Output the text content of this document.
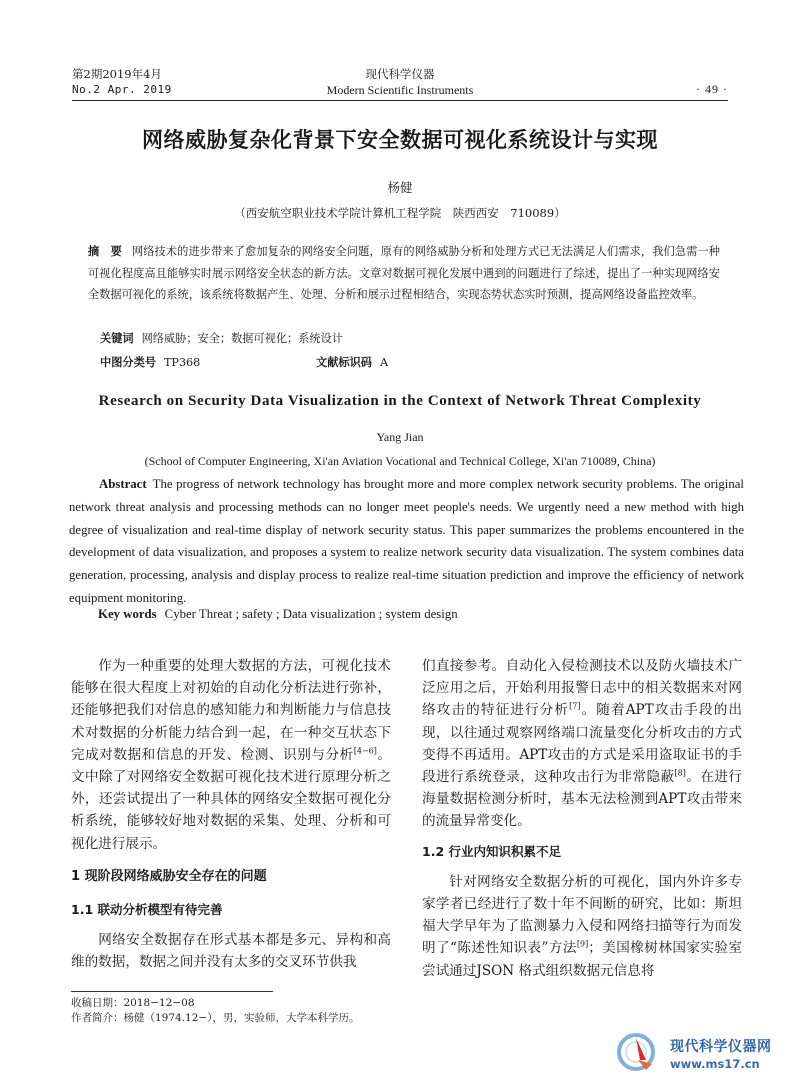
第2期2019年4月
No.2 Apr. 2019
现代科学仪器
Modern Scientific Instruments	· 49 ·
网络威胁复杂化背景下安全数据可视化系统设计与实现
杨健
（西安航空职业技术学院计算机工程学院　陕西西安　710089）
摘　要 网络技术的进步带来了愈加复杂的网络安全问题，原有的网络威胁分析和处理方式已无法满足人们需求，我们急需一种可视化程度高且能够实时展示网络安全状态的新方法。文章对数据可视化发展中遇到的问题进行了综述，提出了一种实现网络安全数据可视化的系统，该系统将数据产生、处理、分析和展示过程相结合，实现态势状态实时预测，提高网络设备监控效率。
关键词 网络威胁；安全；数据可视化；系统设计
中图分类号 TP368	文献标识码 A
Research on Security Data Visualization in the Context of Network Threat Complexity
Yang Jian
(School of Computer Engineering, Xi'an Aviation Vocational and Technical College, Xi'an 710089, China)
Abstract The progress of network technology has brought more and more complex network security problems. The original network threat analysis and processing methods can no longer meet people's needs. We urgently need a new method with high degree of visualization and real-time display of network security status. This paper summarizes the problems encountered in the development of data visualization, and proposes a system to realize network security data visualization. The system combines data generation, processing, analysis and display process to realize real-time situation prediction and improve the efficiency of network equipment monitoring.
Key words Cyber Threat ; safety ; Data visualization ; system design

作为一种重要的处理大数据的方法，可视化技术能够在很大程度上对初始的自动化分析法进行弥补，还能够把我们对信息的感知能力和判断能力与信息技术对数据的分析能力结合到一起，在一种交互状态下完成对数据和信息的开发、检测、识别与分析[4−6]。文中除了对网络安全数据可视化技术进行原理分析之外，还尝试提出了一种具体的网络安全数据可视化分析系统，能够较好地对数据的采集、处理、分析和可视化进行展示。

1 现阶段网络威胁安全存在的问题
1.1 联动分析模型有待完善

网络安全数据存在形式基本都是多元、异构和高维的数据，数据之间并没有太多的交叉环节供我

们直接参考。自动化入侵检测技术以及防火墙技术广泛应用之后，开始利用报警日志中的相关数据来对网络攻击的特征进行分析[7]。随着APT攻击手段的出现，以往通过观察网络端口流量变化分析攻击的方式变得不再适用。APT攻击的方式是采用盗取证书的手段进行系统登录，这种攻击行为非常隐蔽[8]。在进行海量数据检测分析时，基本无法检测到APT攻击带来的流量异常变化。

1.2 行业内知识积累不足

针对网络安全数据分析的可视化，国内外许多专家学者已经进行了数十年不间断的研究，比如：斯坦福大学早年为了监测暴力入侵和网络扫描等行为而发明了“陈述性知识表”方法[9]；美国橡树林国家实验室尝试通过JSON 格式组织数据元信息将

收稿日期：2018−12−08
作者简介：杨健（1974.12−），男，实验师，大学本科学历。
现代科学仪器网
www.ms17.cn
